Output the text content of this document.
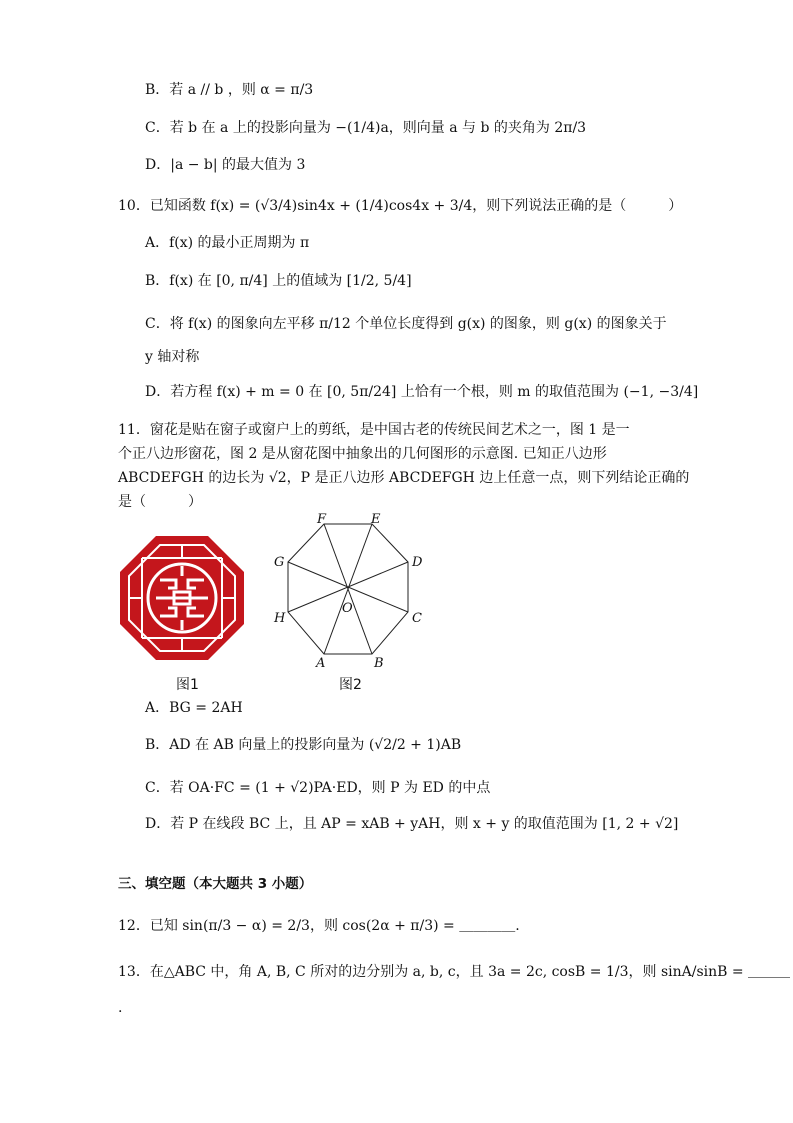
B．若 a // b ，则 α = π/3
C．若 b 在 a 上的投影向量为 −(1/4)a，则向量 a 与 b 的夹角为 2π/3
D．|a − b| 的最大值为 3
10．已知函数 f(x) = (√3/4)sin4x + (1/4)cos4x + 3/4，则下列说法正确的是（　　　）
A．f(x) 的最小正周期为 π
B．f(x) 在 [0, π/4] 上的值域为 [1/2, 5/4]
C．将 f(x) 的图象向左平移 π/12 个单位长度得到 g(x) 的图象，则 g(x) 的图象关于
y 轴对称
D．若方程 f(x) + m = 0 在 [0, 5π/24] 上恰有一个根，则 m 的取值范围为 (−1, −3/4]
11．窗花是贴在窗子或窗户上的剪纸，是中国古老的传统民间艺术之一，图 1 是一
个正八边形窗花，图 2 是从窗花图中抽象出的几何图形的示意图. 已知正八边形
ABCDEFGH 的边长为 √2，P 是正八边形 ABCDEFGH 边上任意一点，则下列结论正确的
是（　　　）
图1
F	E
G	D
H	C
A	B
O
图2
A．BG = 2AH
B．AD 在 AB 向量上的投影向量为 (√2/2 + 1)AB
C．若 OA·FC = (1 + √2)PA·ED，则 P 为 ED 的中点
D．若 P 在线段 BC 上，且 AP = xAB + yAH，则 x + y 的取值范围为 [1, 2 + √2]
三、填空题（本大题共 3 小题）
12．已知 sin(π/3 − α) = 2/3，则 cos(2α + π/3) = ＿＿＿＿.
13．在△ABC 中，角 A, B, C 所对的边分别为 a, b, c，且 3a = 2c, cosB = 1/3，则 sinA/sinB = ＿＿＿
.
